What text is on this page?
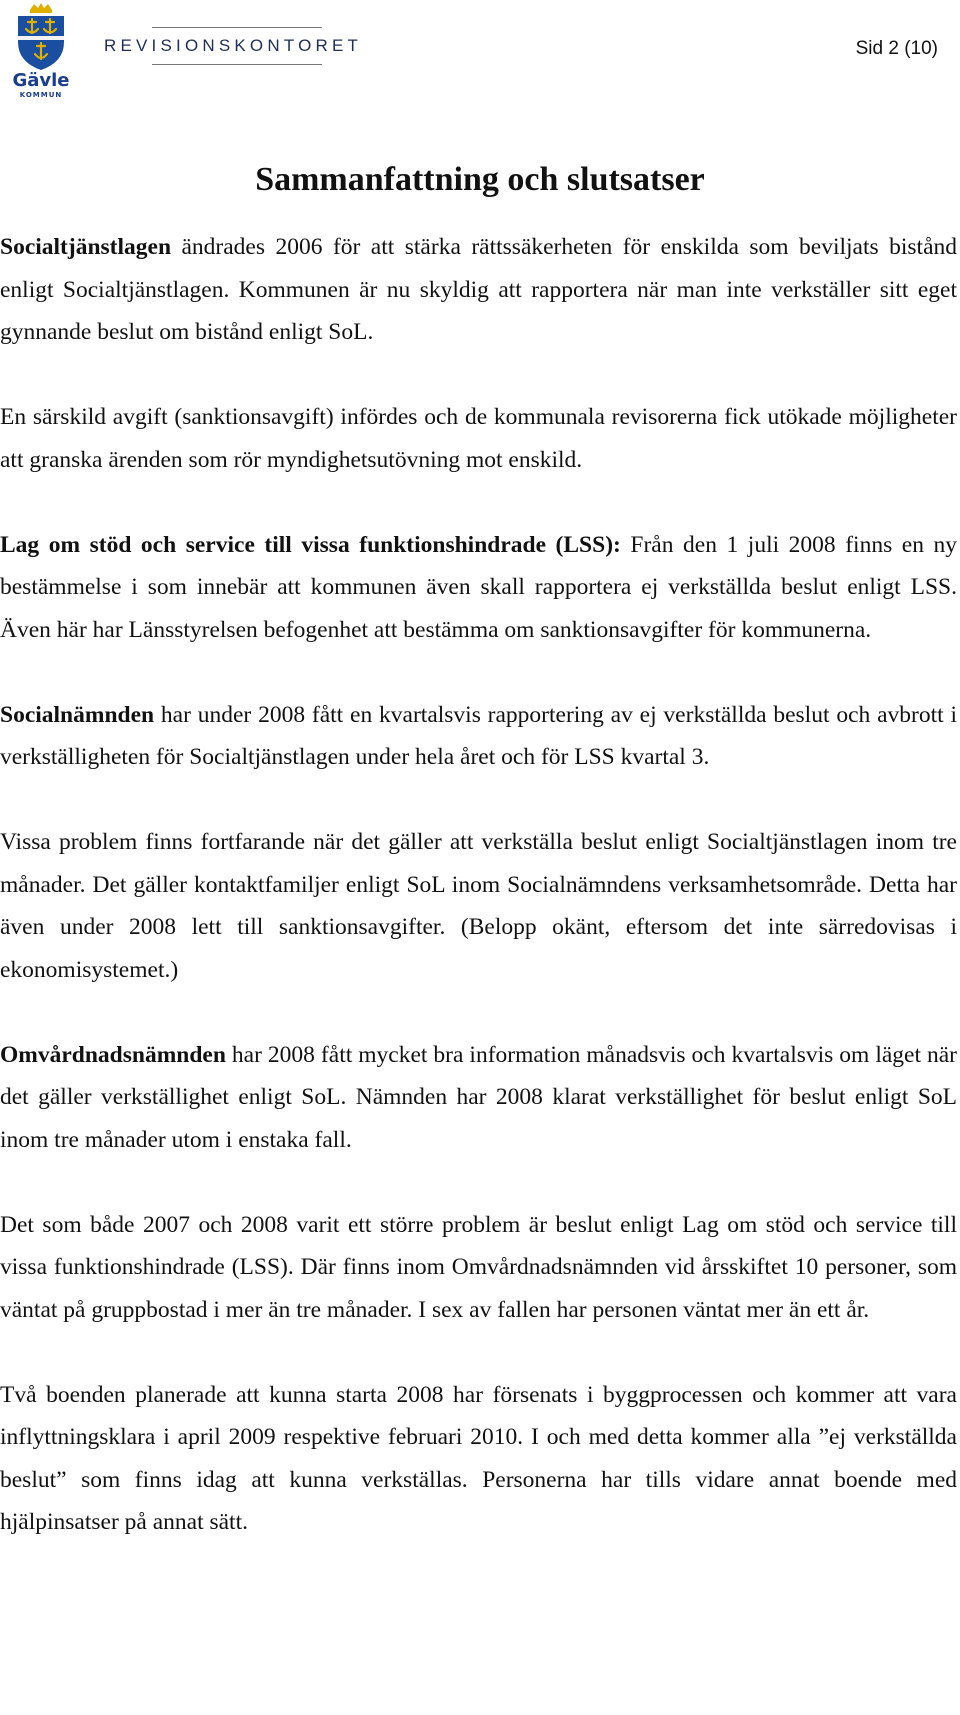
Gävle
KOMMUN
REVISIONSKONTORET	Sid 2 (10)
Sammanfattning och slutsatser

Socialtjänstlagen ändrades 2006 för att stärka rättssäkerheten för enskilda som beviljats bistånd enligt Socialtjänstlagen. Kommunen är nu skyldig att rapportera när man inte verkställer sitt eget gynnande beslut om bistånd enligt SoL.

En särskild avgift (sanktionsavgift) infördes och de kommunala revisorerna fick utökade möjligheter att granska ärenden som rör myndighetsutövning mot enskild.

Lag om stöd och service till vissa funktionshindrade (LSS): Från den 1 juli 2008 finns en ny bestämmelse i som innebär att kommunen även skall rapportera ej verkställda beslut enligt LSS. Även här har Länsstyrelsen befogenhet att bestämma om sanktionsavgifter för kommunerna.

Socialnämnden har under 2008 fått en kvartalsvis rapportering av ej verkställda beslut och avbrott i verkställigheten för Socialtjänstlagen under hela året och för LSS kvartal 3.

Vissa problem finns fortfarande när det gäller att verkställa beslut enligt Socialtjänstlagen inom tre månader. Det gäller kontaktfamiljer enligt SoL inom Socialnämndens verksamhetsområde. Detta har även under 2008 lett till sanktionsavgifter. (Belopp okänt, eftersom det inte särredovisas i ekonomisystemet.)

Omvårdnadsnämnden har 2008 fått mycket bra information månadsvis och kvartalsvis om läget när det gäller verkställighet enligt SoL. Nämnden har 2008 klarat verkställighet för beslut enligt SoL inom tre månader utom i enstaka fall.

Det som både 2007 och 2008 varit ett större problem är beslut enligt Lag om stöd och service till vissa funktionshindrade (LSS). Där finns inom Omvårdnadsnämnden vid årsskiftet 10 personer, som väntat på gruppbostad i mer än tre månader. I sex av fallen har personen väntat mer än ett år.

Två boenden planerade att kunna starta 2008 har försenats i byggprocessen och kommer att vara inflyttningsklara i april 2009 respektive februari 2010. I och med detta kommer alla ”ej verkställda beslut” som finns idag att kunna verkställas. Personerna har tills vidare annat boende med hjälpinsatser på annat sätt.
